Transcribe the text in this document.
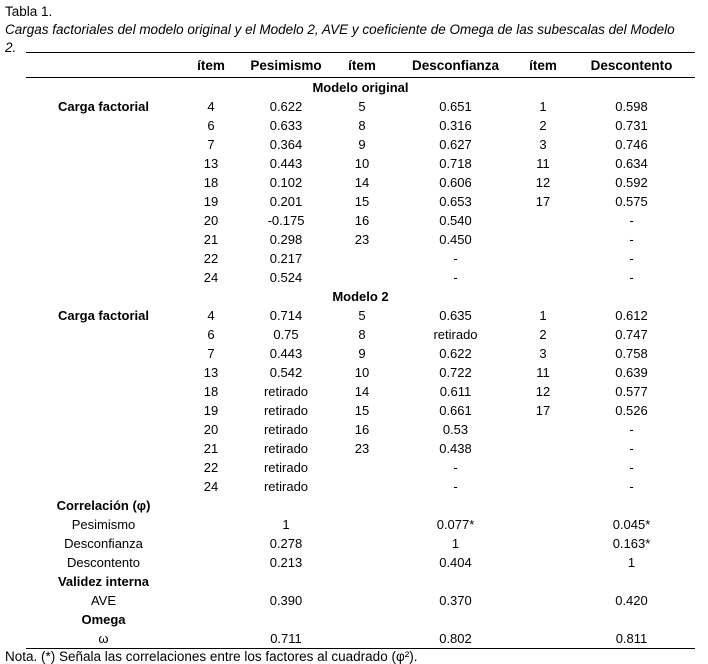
Tabla 1.
Cargas factoriales del modelo original y el Modelo 2, AVE y coeficiente de Omega de las subescalas del Modelo
2.
	ítem	Pesimismo	ítem	Desconfianza	ítem	Descontento
Modelo original						
Carga factorial	4	0.622	5	0.651	1	0.598
	6	0.633	8	0.316	2	0.731
	7	0.364	9	0.627	3	0.746
	13	0.443	10	0.718	11	0.634
	18	0.102	14	0.606	12	0.592
	19	0.201	15	0.653	17	0.575
	20	-0.175	16	0.540		-
	21	0.298	23	0.450		-
	22	0.217		-		-
	24	0.524		-		-
Modelo 2						
Carga factorial	4	0.714	5	0.635	1	0.612
	6	0.75	8	retirado	2	0.747
	7	0.443	9	0.622	3	0.758
	13	0.542	10	0.722	11	0.639
	18	retirado	14	0.611	12	0.577
	19	retirado	15	0.661	17	0.526
	20	retirado	16	0.53		-
	21	retirado	23	0.438		-
	22	retirado		-		-
	24	retirado		-		-
Correlación (φ)						
Pesimismo		1		0.077*		0.045*
Desconfianza		0.278		1		0.163*
Descontento		0.213		0.404		1
Validez interna						
AVE		0.390		0.370		0.420
Omega						
ω		0.711		0.802		0.811
Nota. (*) Señala las correlaciones entre los factores al cuadrado (φ²).
